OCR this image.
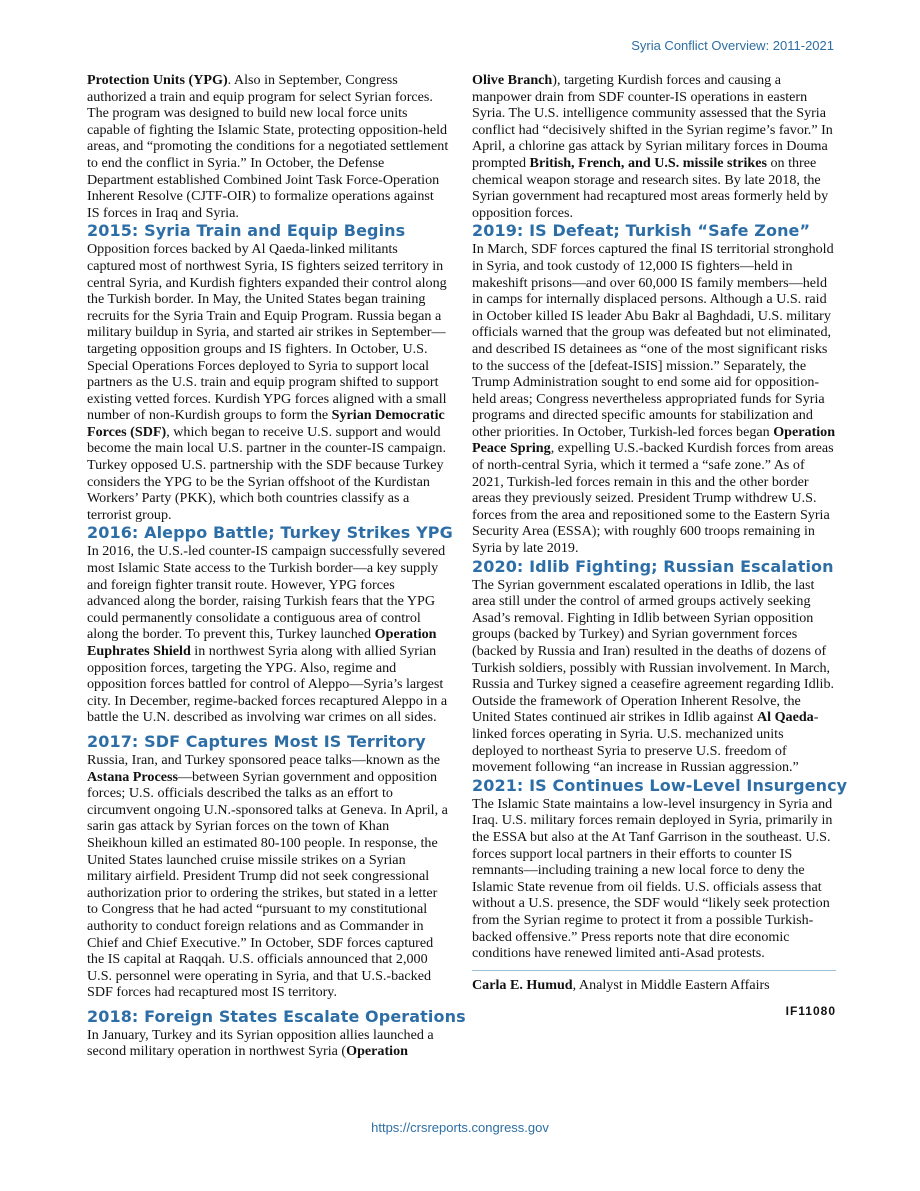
Syria Conflict Overview: 2011-2021

Protection Units (YPG). Also in September, Congress authorized a train and equip program for select Syrian forces. The program was designed to build new local force units capable of fighting the Islamic State, protecting opposition-held areas, and “promoting the conditions for a negotiated settlement to end the conflict in Syria.” In October, the Defense Department established Combined Joint Task Force-Operation Inherent Resolve (CJTF-OIR) to formalize operations against IS forces in Iraq and Syria.

2015: Syria Train and Equip Begins

Opposition forces backed by Al Qaeda-linked militants captured most of northwest Syria, IS fighters seized territory in central Syria, and Kurdish fighters expanded their control along the Turkish border. In May, the United States began training recruits for the Syria Train and Equip Program. Russia began a military buildup in Syria, and started air strikes in September—targeting opposition groups and IS fighters. In October, U.S. Special Operations Forces deployed to Syria to support local partners as the U.S. train and equip program shifted to support existing vetted forces. Kurdish YPG forces aligned with a small number of non-Kurdish groups to form the Syrian Democratic Forces (SDF), which began to receive U.S. support and would become the main local U.S. partner in the counter-IS campaign. Turkey opposed U.S. partnership with the SDF because Turkey considers the YPG to be the Syrian offshoot of the Kurdistan Workers’ Party (PKK), which both countries classify as a terrorist group.

2016: Aleppo Battle; Turkey Strikes YPG

In 2016, the U.S.-led counter-IS campaign successfully severed most Islamic State access to the Turkish border—a key supply and foreign fighter transit route. However, YPG forces advanced along the border, raising Turkish fears that the YPG could permanently consolidate a contiguous area of control along the border. To prevent this, Turkey launched Operation Euphrates Shield in northwest Syria along with allied Syrian opposition forces, targeting the YPG. Also, regime and opposition forces battled for control of Aleppo—Syria’s largest city. In December, regime-backed forces recaptured Aleppo in a battle the U.N. described as involving war crimes on all sides.

2017: SDF Captures Most IS Territory

Russia, Iran, and Turkey sponsored peace talks—known as the Astana Process—between Syrian government and opposition forces; U.S. officials described the talks as an effort to circumvent ongoing U.N.-sponsored talks at Geneva. In April, a sarin gas attack by Syrian forces on the town of Khan Sheikhoun killed an estimated 80-100 people. In response, the United States launched cruise missile strikes on a Syrian military airfield. President Trump did not seek congressional authorization prior to ordering the strikes, but stated in a letter to Congress that he had acted “pursuant to my constitutional authority to conduct foreign relations and as Commander in Chief and Chief Executive.” In October, SDF forces captured the IS capital at Raqqah. U.S. officials announced that 2,000 U.S. personnel were operating in Syria, and that U.S.-backed SDF forces had recaptured most IS territory.

2018: Foreign States Escalate Operations

In January, Turkey and its Syrian opposition allies launched a second military operation in northwest Syria (Operation

Olive Branch), targeting Kurdish forces and causing a manpower drain from SDF counter-IS operations in eastern Syria. The U.S. intelligence community assessed that the Syria conflict had “decisively shifted in the Syrian regime’s favor.” In April, a chlorine gas attack by Syrian military forces in Douma prompted British, French, and U.S. missile strikes on three chemical weapon storage and research sites. By late 2018, the Syrian government had recaptured most areas formerly held by opposition forces.

2019: IS Defeat; Turkish “Safe Zone”

In March, SDF forces captured the final IS territorial stronghold in Syria, and took custody of 12,000 IS fighters—held in makeshift prisons—and over 60,000 IS family members—held in camps for internally displaced persons. Although a U.S. raid in October killed IS leader Abu Bakr al Baghdadi, U.S. military officials warned that the group was defeated but not eliminated, and described IS detainees as “one of the most significant risks to the success of the [defeat-ISIS] mission.” Separately, the Trump Administration sought to end some aid for opposition-held areas; Congress nevertheless appropriated funds for Syria programs and directed specific amounts for stabilization and other priorities. In October, Turkish-led forces began Operation Peace Spring, expelling U.S.-backed Kurdish forces from areas of north-central Syria, which it termed a “safe zone.” As of 2021, Turkish-led forces remain in this and the other border areas they previously seized. President Trump withdrew U.S. forces from the area and repositioned some to the Eastern Syria Security Area (ESSA); with roughly 600 troops remaining in Syria by late 2019.

2020: Idlib Fighting; Russian Escalation

The Syrian government escalated operations in Idlib, the last area still under the control of armed groups actively seeking Asad’s removal. Fighting in Idlib between Syrian opposition groups (backed by Turkey) and Syrian government forces (backed by Russia and Iran) resulted in the deaths of dozens of Turkish soldiers, possibly with Russian involvement. In March, Russia and Turkey signed a ceasefire agreement regarding Idlib. Outside the framework of Operation Inherent Resolve, the United States continued air strikes in Idlib against Al Qaeda-linked forces operating in Syria. U.S. mechanized units deployed to northeast Syria to preserve U.S. freedom of movement following “an increase in Russian aggression.”

2021: IS Continues Low-Level Insurgency

The Islamic State maintains a low-level insurgency in Syria and Iraq. U.S. military forces remain deployed in Syria, primarily in the ESSA but also at the At Tanf Garrison in the southeast. U.S. forces support local partners in their efforts to counter IS remnants—including training a new local force to deny the Islamic State revenue from oil fields. U.S. officials assess that without a U.S. presence, the SDF would “likely seek protection from the Syrian regime to protect it from a possible Turkish-backed offensive.” Press reports note that dire economic conditions have renewed limited anti-Asad protests.

Carla E. Humud, Analyst in Middle Eastern Affairs

IF11080
https://crsreports.congress.gov
